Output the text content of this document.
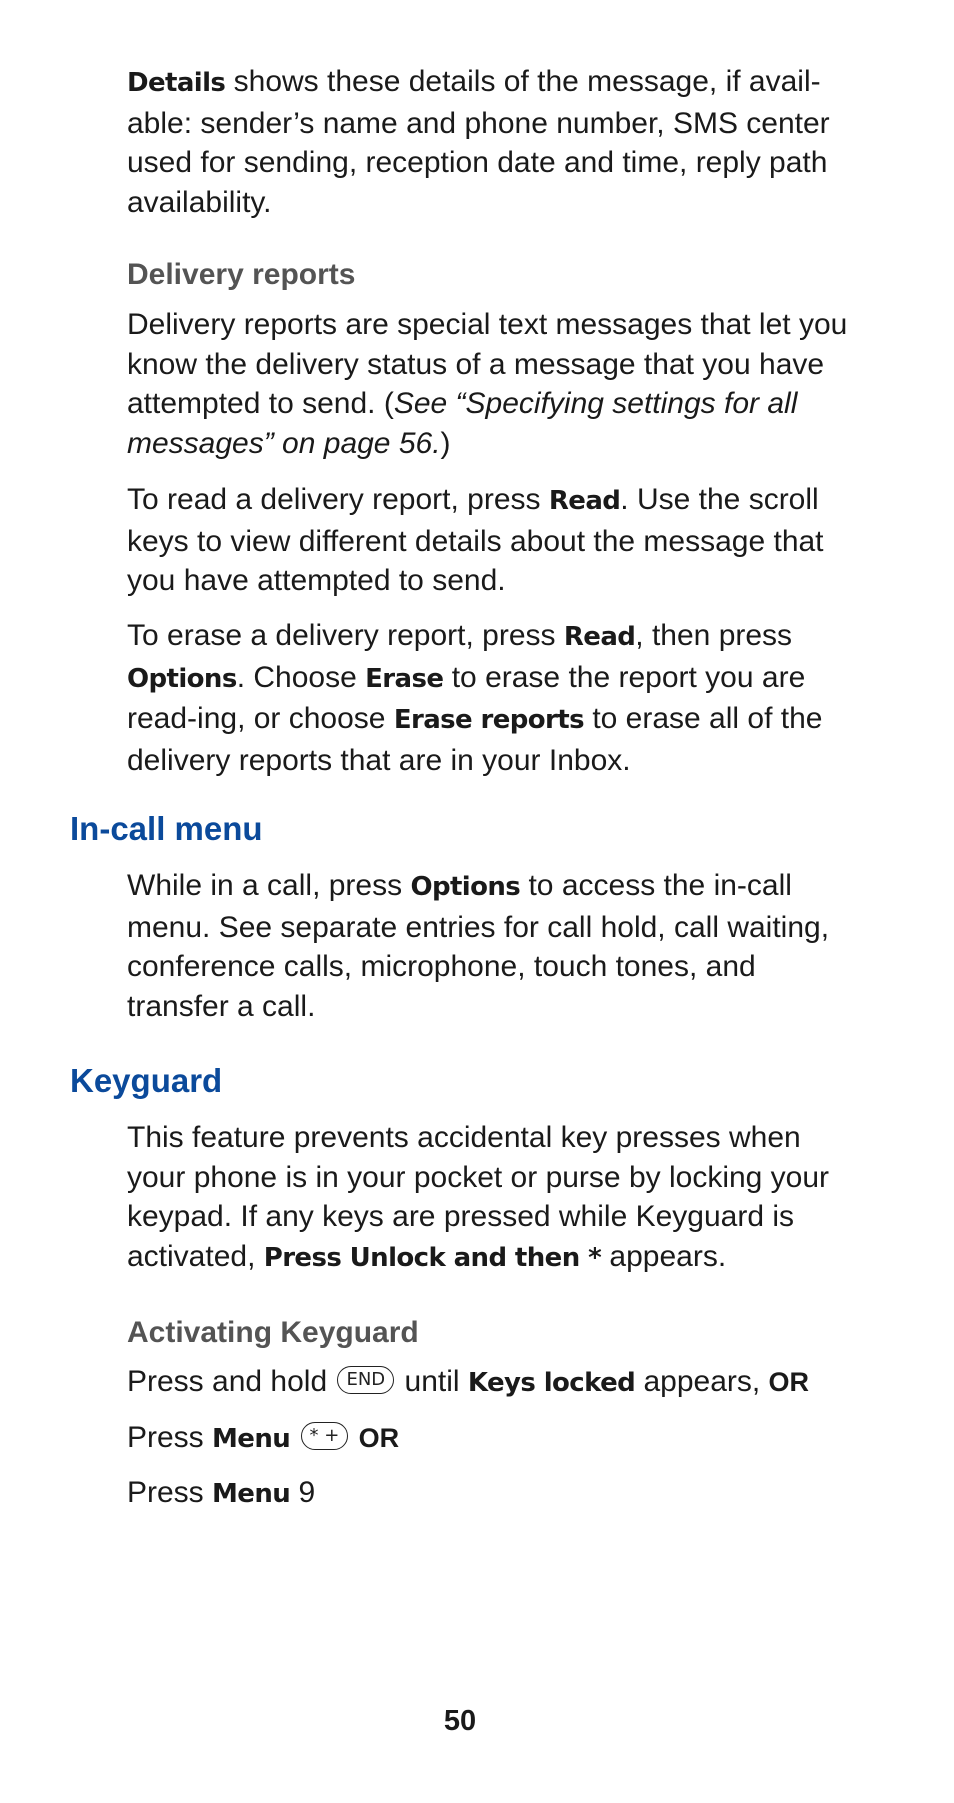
Details shows these details of the message, if avail-able: sender’s name and phone number, SMS center used for sending, reception date and time, reply path availability.

Delivery reports

Delivery reports are special text messages that let you know the delivery status of a message that you have attempted to send. (See “Specifying settings for all messages” on page 56.)

To read a delivery report, press Read. Use the scroll keys to view different details about the message that you have attempted to send.

To erase a delivery report, press Read, then press Options. Choose Erase to erase the report you are read-ing, or choose Erase reports to erase all of the delivery reports that are in your Inbox.

In-call menu

While in a call, press Options to access the in-call menu. See separate entries for call hold, call waiting, conference calls, microphone, touch tones, and transfer a call.

Keyguard

This feature prevents accidental key presses when your phone is in your pocket or purse by locking your keypad. If any keys are pressed while Keyguard is activated, Press Unlock and then * appears.

Activating Keyguard

Press and hold END until Keys locked appears, OR

Press Menu * + OR

Press Menu 9

50
